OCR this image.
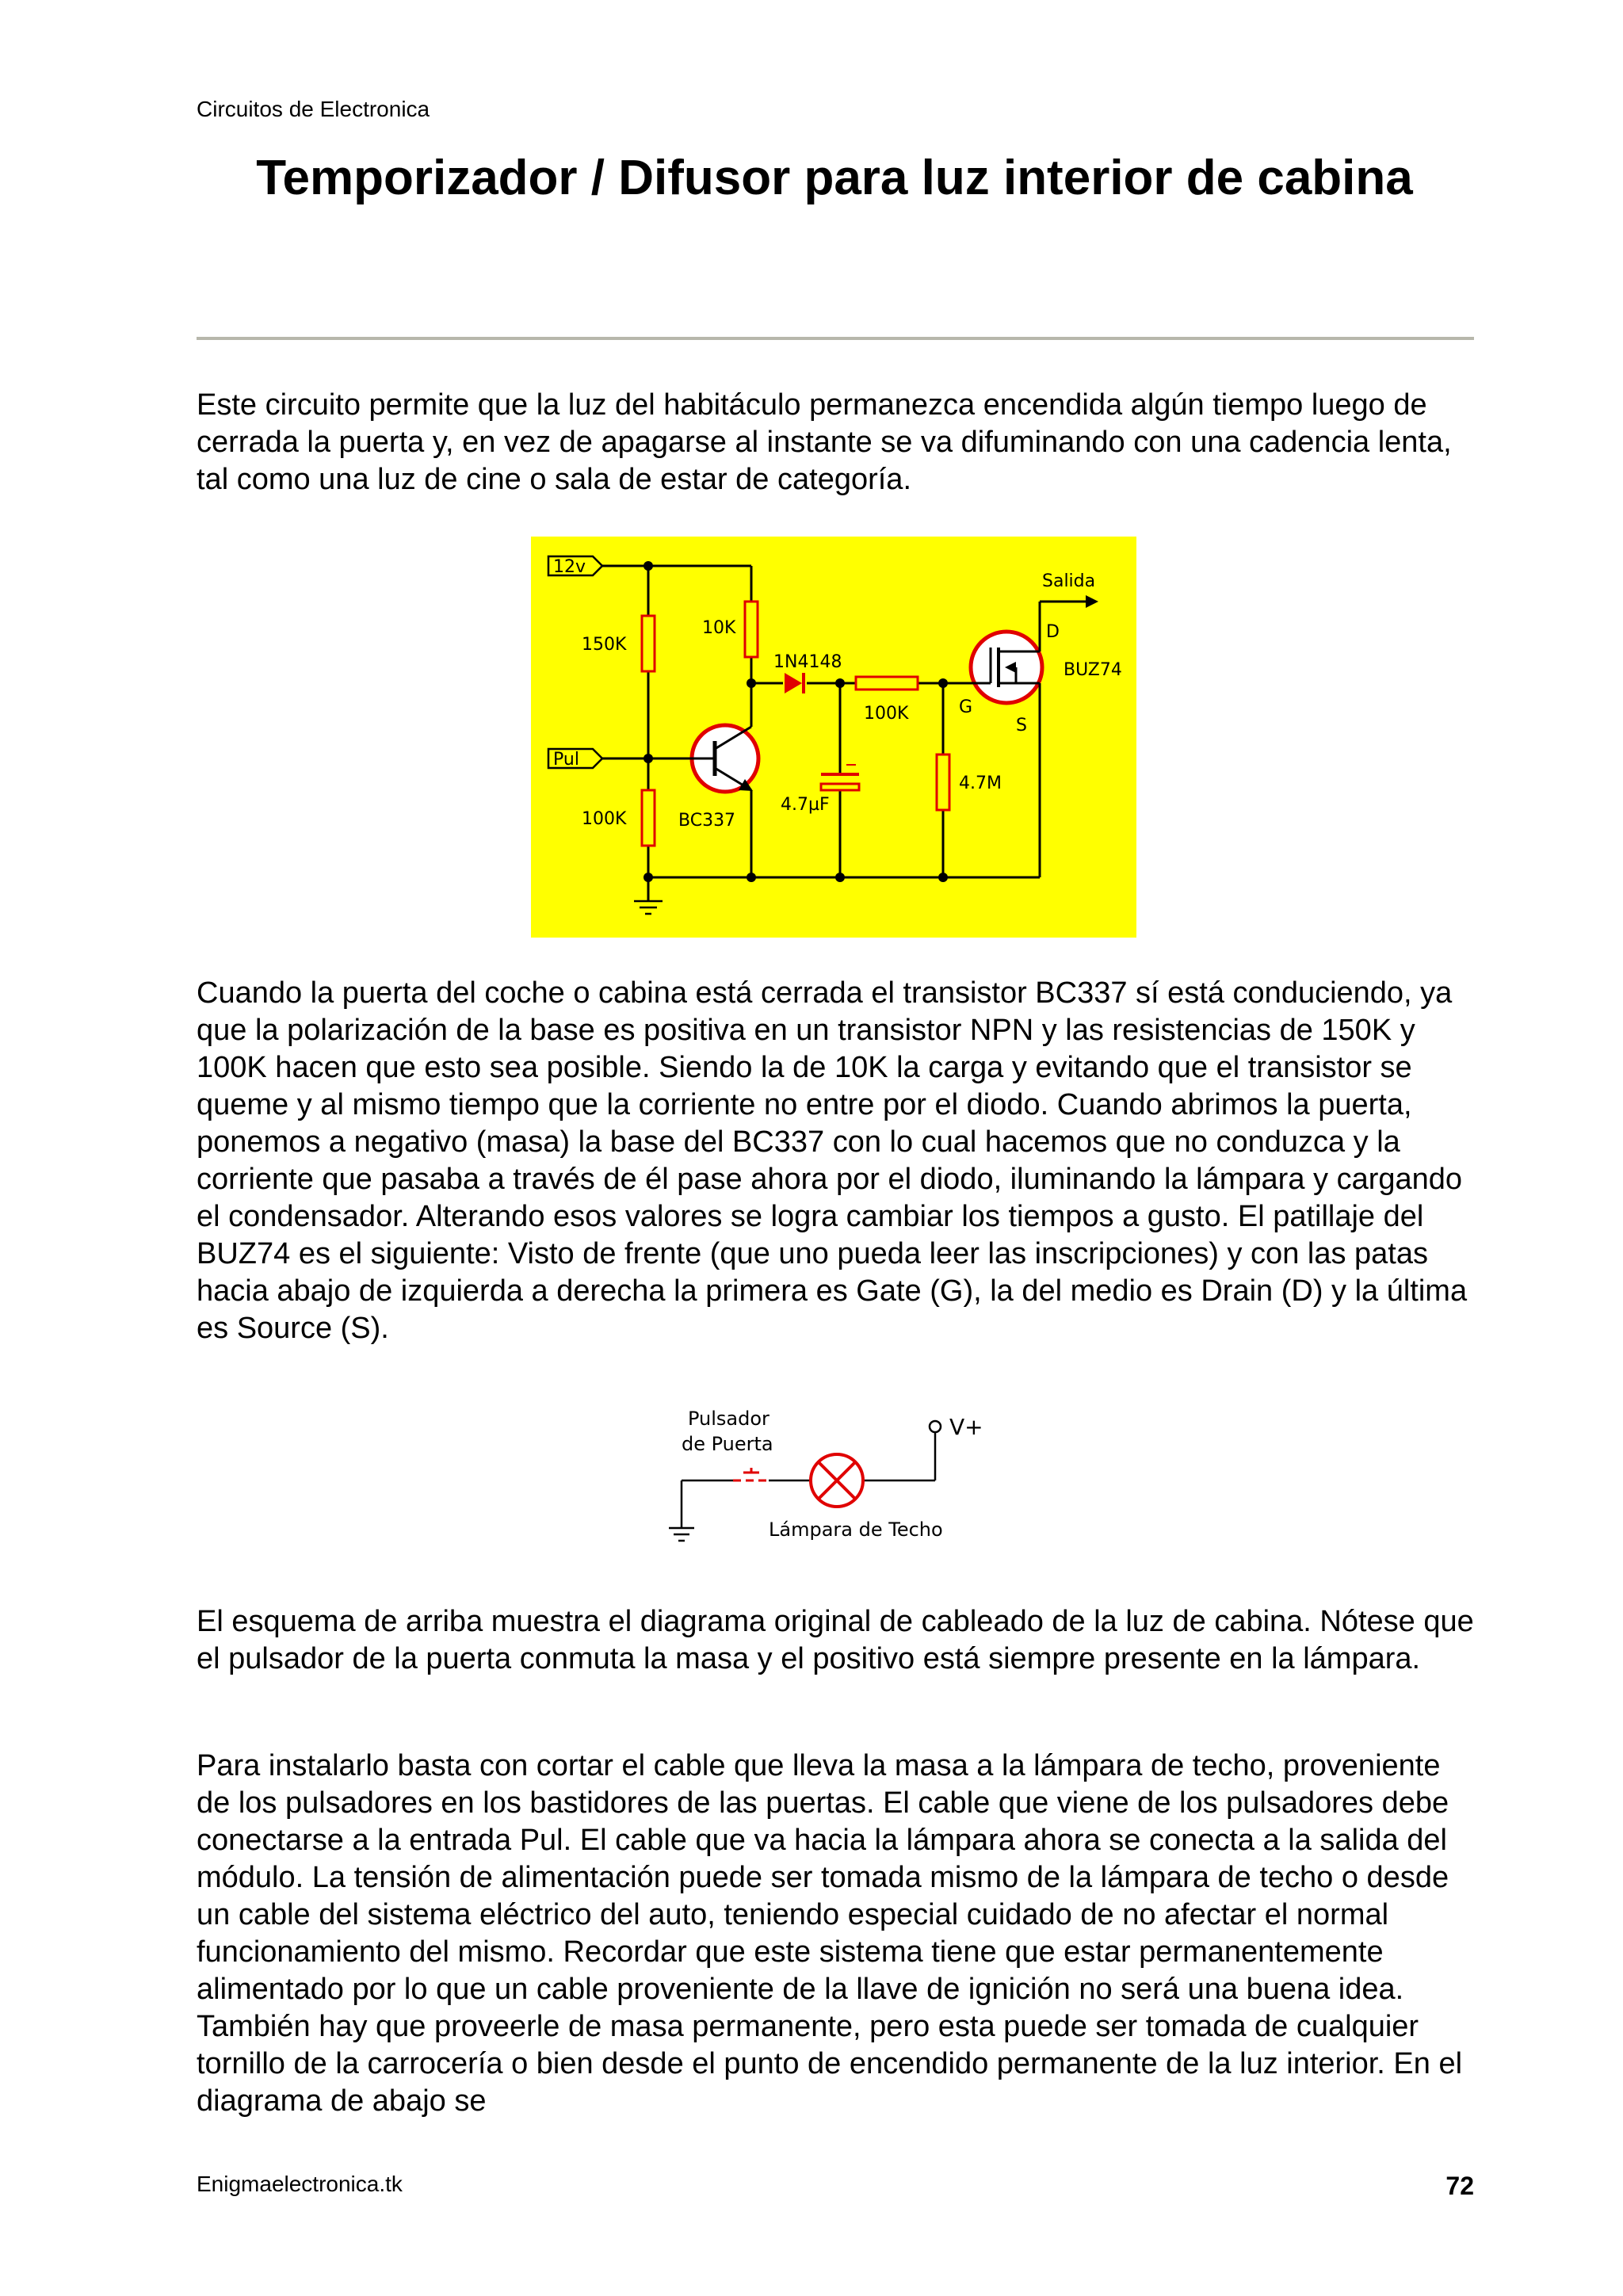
Circuitos de Electronica
Temporizador / Difusor para luz interior de cabina

Este circuito permite que la luz del habitáculo permanezca encendida algún tiempo luego de cerrada la puerta y, en vez de apagarse al instante se va difuminando con una cadencia lenta, tal como una luz de cine o sala de estar de categoría.

12v
Pul
150K
100K
10K
100K
4.7M
1N4148
4.7µF
BC337
BUZ74
Salida
D
G
S

Cuando la puerta del coche o cabina está cerrada el transistor BC337 sí está conduciendo, ya que la polarización de la base es positiva en un transistor NPN y las resistencias de 150K y 100K hacen que esto sea posible. Siendo la de 10K la carga y evitando que el transistor se queme y al mismo tiempo que la corriente no entre por el diodo. Cuando abrimos la puerta, ponemos a negativo (masa) la base del BC337 con lo cual hacemos que no conduzca y la corriente que pasaba a través de él pase ahora por el diodo, iluminando la lámpara y cargando el condensador. Alterando esos valores se logra cambiar los tiempos a gusto. El patillaje del BUZ74 es el siguiente: Visto de frente (que uno pueda leer las inscripciones) y con las patas hacia abajo de izquierda a derecha la primera es Gate (G), la del medio es Drain (D) y la última es Source (S).

Pulsador
de Puerta
V+
Lámpara de Techo

El esquema de arriba muestra el diagrama original de cableado de la luz de cabina. Nótese que el pulsador de la puerta conmuta la masa y el positivo está siempre presente en la lámpara.

Para instalarlo basta con cortar el cable que lleva la masa a la lámpara de techo, proveniente de los pulsadores en los bastidores de las puertas. El cable que viene de los pulsadores debe conectarse a la entrada Pul. El cable que va hacia la lámpara ahora se conecta a la salida del módulo. La tensión de alimentación puede ser tomada mismo de la lámpara de techo o desde un cable del sistema eléctrico del auto, teniendo especial cuidado de no afectar el normal funcionamiento del mismo. Recordar que este sistema tiene que estar permanentemente alimentado por lo que un cable proveniente de la llave de ignición no será una buena idea. También hay que proveerle de masa permanente, pero esta puede ser tomada de cualquier tornillo de la carrocería o bien desde el punto de encendido permanente de la luz interior. En el diagrama de abajo se

Enigmaelectronica.tk	72
